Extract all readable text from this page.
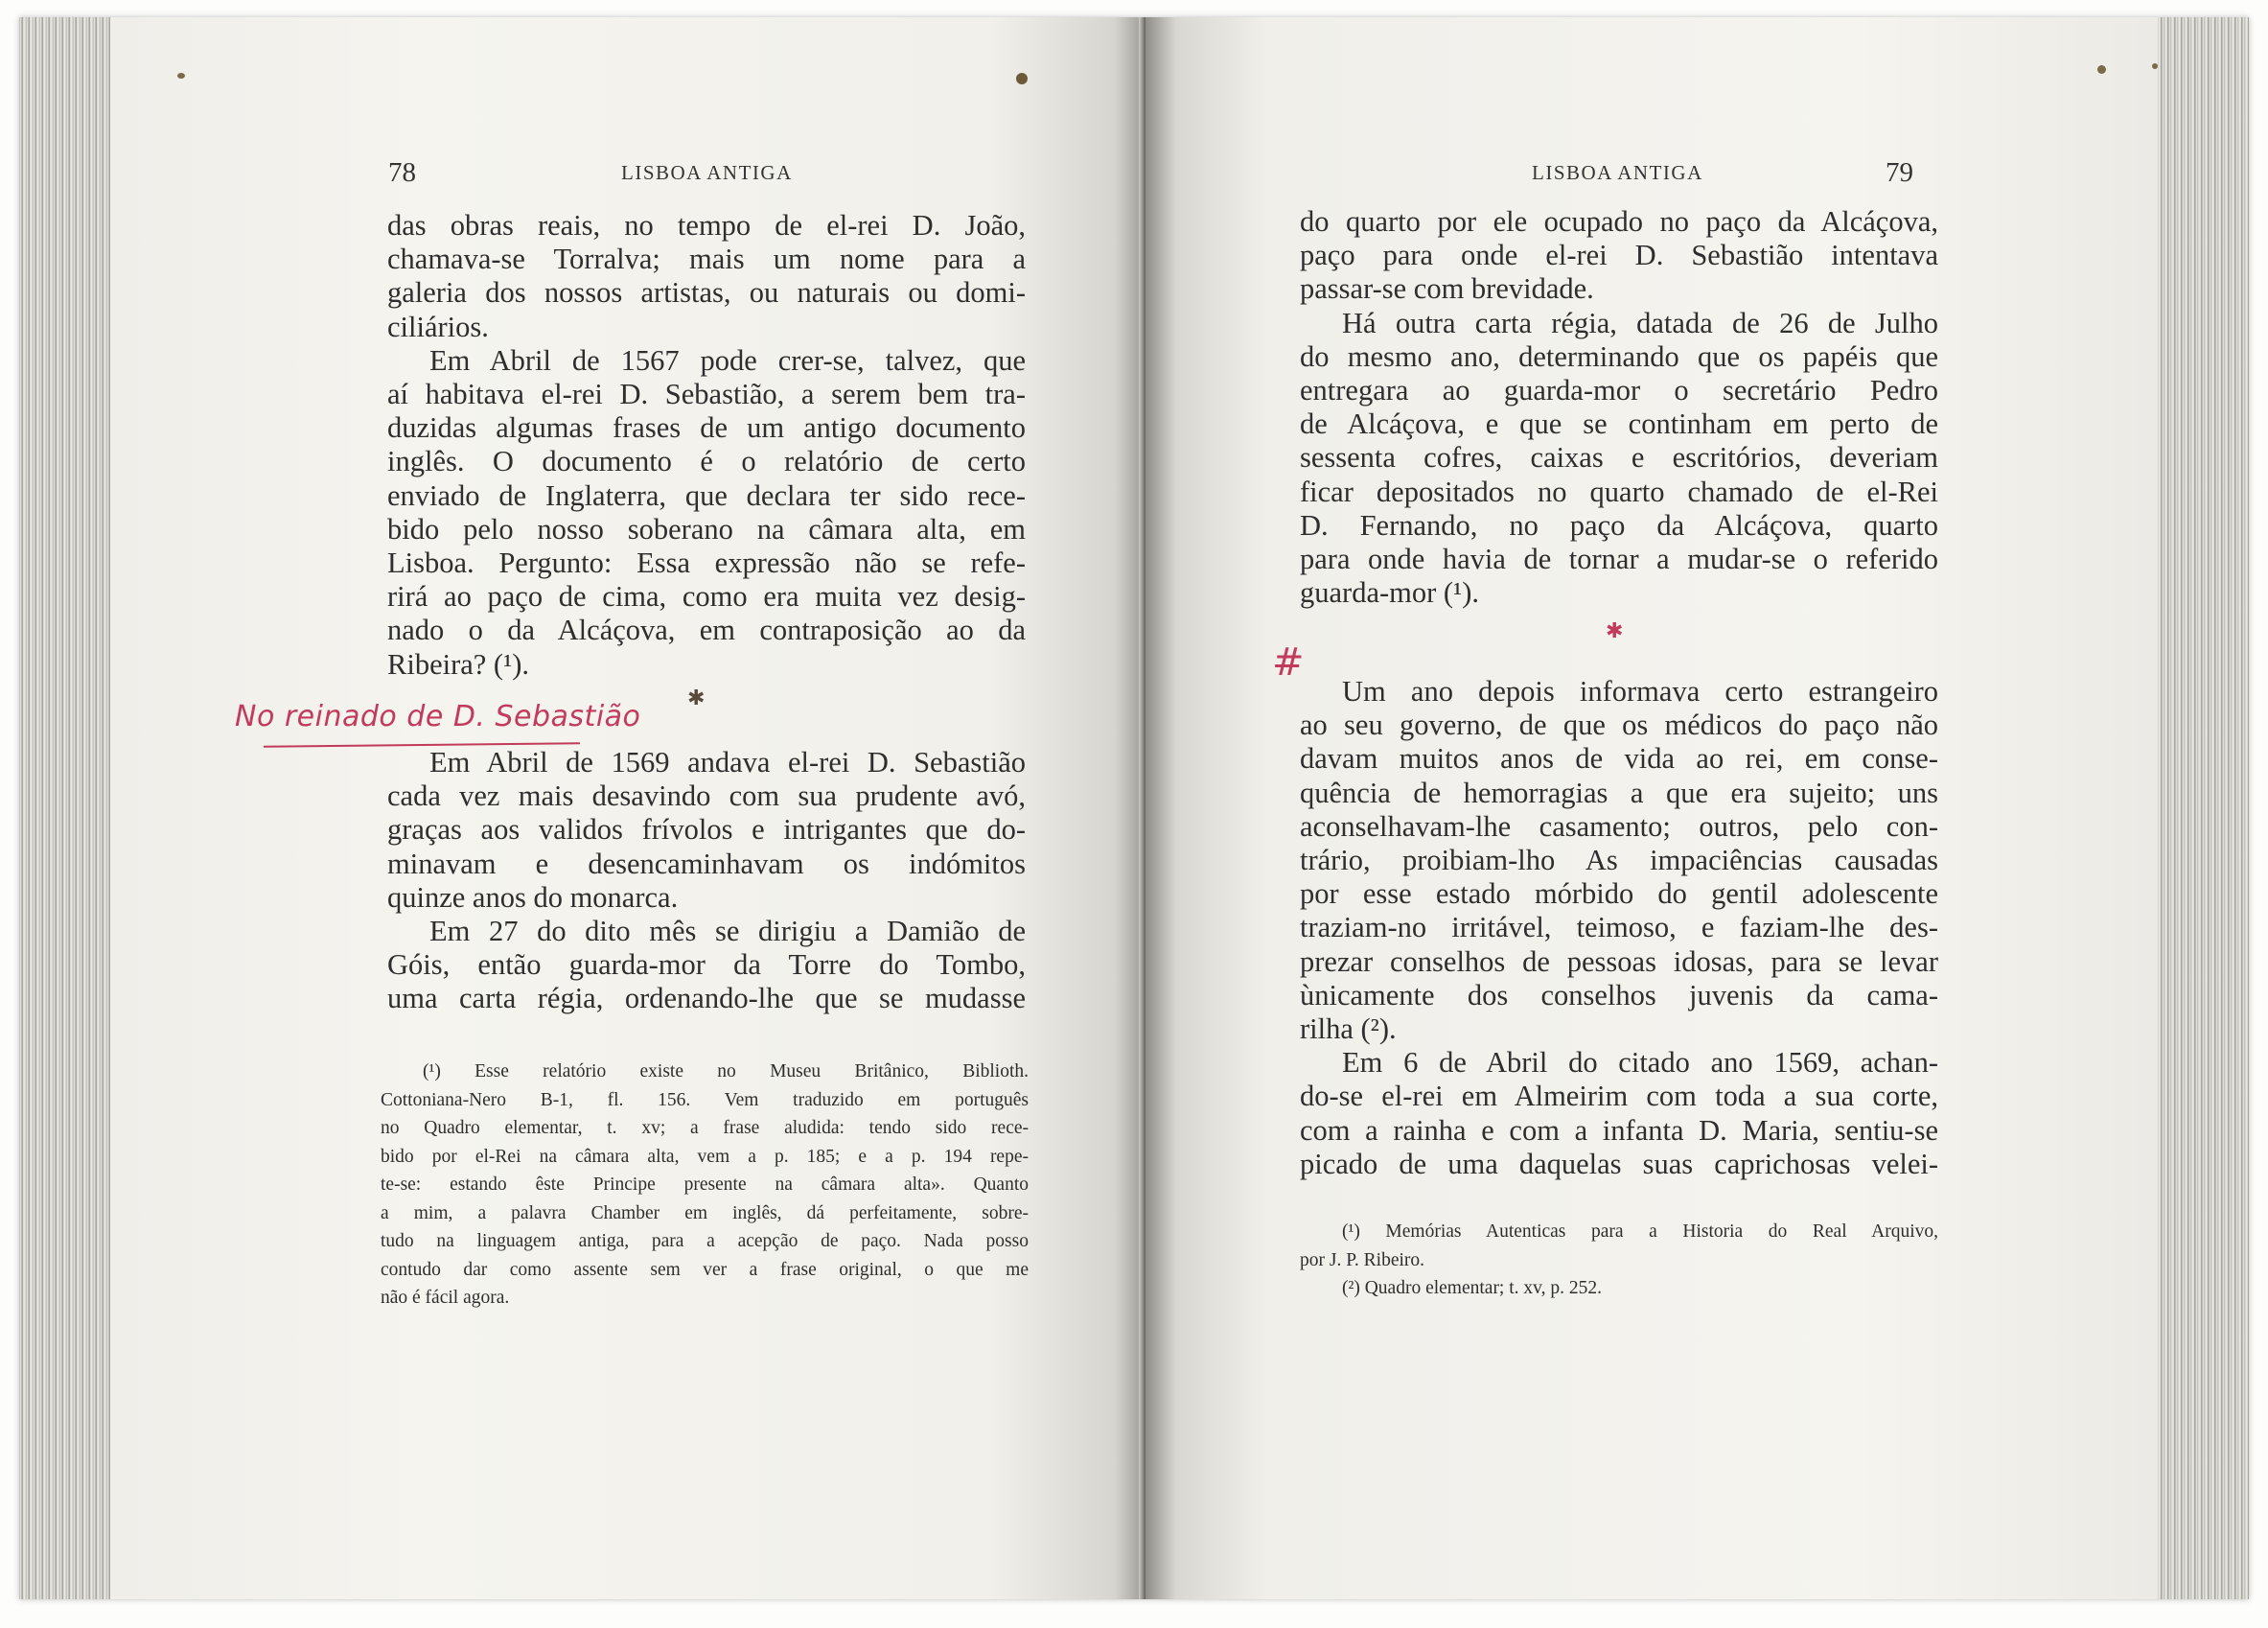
78	LISBOA ANTIGA
das obras reais, no tempo de el-rei D. João,
chamava-se Torralva; mais um nome para a
galeria dos nossos artistas, ou naturais ou domi-
ciliários.
Em Abril de 1567 pode crer-se, talvez, que
aí habitava el-rei D. Sebastião, a serem bem tra-
duzidas algumas frases de um antigo documento
inglês. O documento é o relatório de certo
enviado de Inglaterra, que declara ter sido rece-
bido pelo nosso soberano na câmara alta, em
Lisboa. Pergunto: Essa expressão não se refe-
rirá ao paço de cima, como era muita vez desig-
nado o da Alcáçova, em contraposição ao da
Ribeira? (¹).
Em Abril de 1569 andava el-rei D. Sebastião
cada vez mais desavindo com sua prudente avó,
graças aos validos frívolos e intrigantes que do-
minavam e desencaminhavam os indómitos
quinze anos do monarca.
Em 27 do dito mês se dirigiu a Damião de
Góis, então guarda-mor da Torre do Tombo,
uma carta régia, ordenando-lhe que se mudasse
(¹) Esse relatório existe no Museu Britânico, Biblioth.
Cottoniana-Nero B-1, fl. 156. Vem traduzido em português
no Quadro elementar, t. xv; a frase aludida: tendo sido rece-
bido por el-Rei na câmara alta, vem a p. 185; e a p. 194 repe-
te-se: estando êste Principe presente na câmara alta». Quanto
a mim, a palavra Chamber em inglês, dá perfeitamente, sobre-
tudo na linguagem antiga, para a acepção de paço. Nada posso
contudo dar como assente sem ver a frase original, o que me
não é fácil agora.
No reinado de D. Sebastião
✱
LISBOA ANTIGA	79
do quarto por ele ocupado no paço da Alcáçova,
paço para onde el-rei D. Sebastião intentava
passar-se com brevidade.
Há outra carta régia, datada de 26 de Julho
do mesmo ano, determinando que os papéis que
entregara ao guarda-mor o secretário Pedro
de Alcáçova, e que se continham em perto de
sessenta cofres, caixas e escritórios, deveriam
ficar depositados no quarto chamado de el-Rei
D. Fernando, no paço da Alcáçova, quarto
para onde havia de tornar a mudar-se o referido
guarda-mor (¹).
Um ano depois informava certo estrangeiro
ao seu governo, de que os médicos do paço não
davam muitos anos de vida ao rei, em conse-
quência de hemorragias a que era sujeito; uns
aconselhavam-lhe casamento; outros, pelo con-
trário, proibiam-lho As impaciências causadas
por esse estado mórbido do gentil adolescente
traziam-no irritável, teimoso, e faziam-lhe des-
prezar conselhos de pessoas idosas, para se levar
ùnicamente dos conselhos juvenis da cama-
rilha (²).
Em 6 de Abril do citado ano 1569, achan-
do-se el-rei em Almeirim com toda a sua corte,
com a rainha e com a infanta D. Maria, sentiu-se
picado de uma daquelas suas caprichosas velei-
(¹) Memórias Autenticas para a Historia do Real Arquivo,
por J. P. Ribeiro.
(²) Quadro elementar; t. xv, p. 252.
#
✱
